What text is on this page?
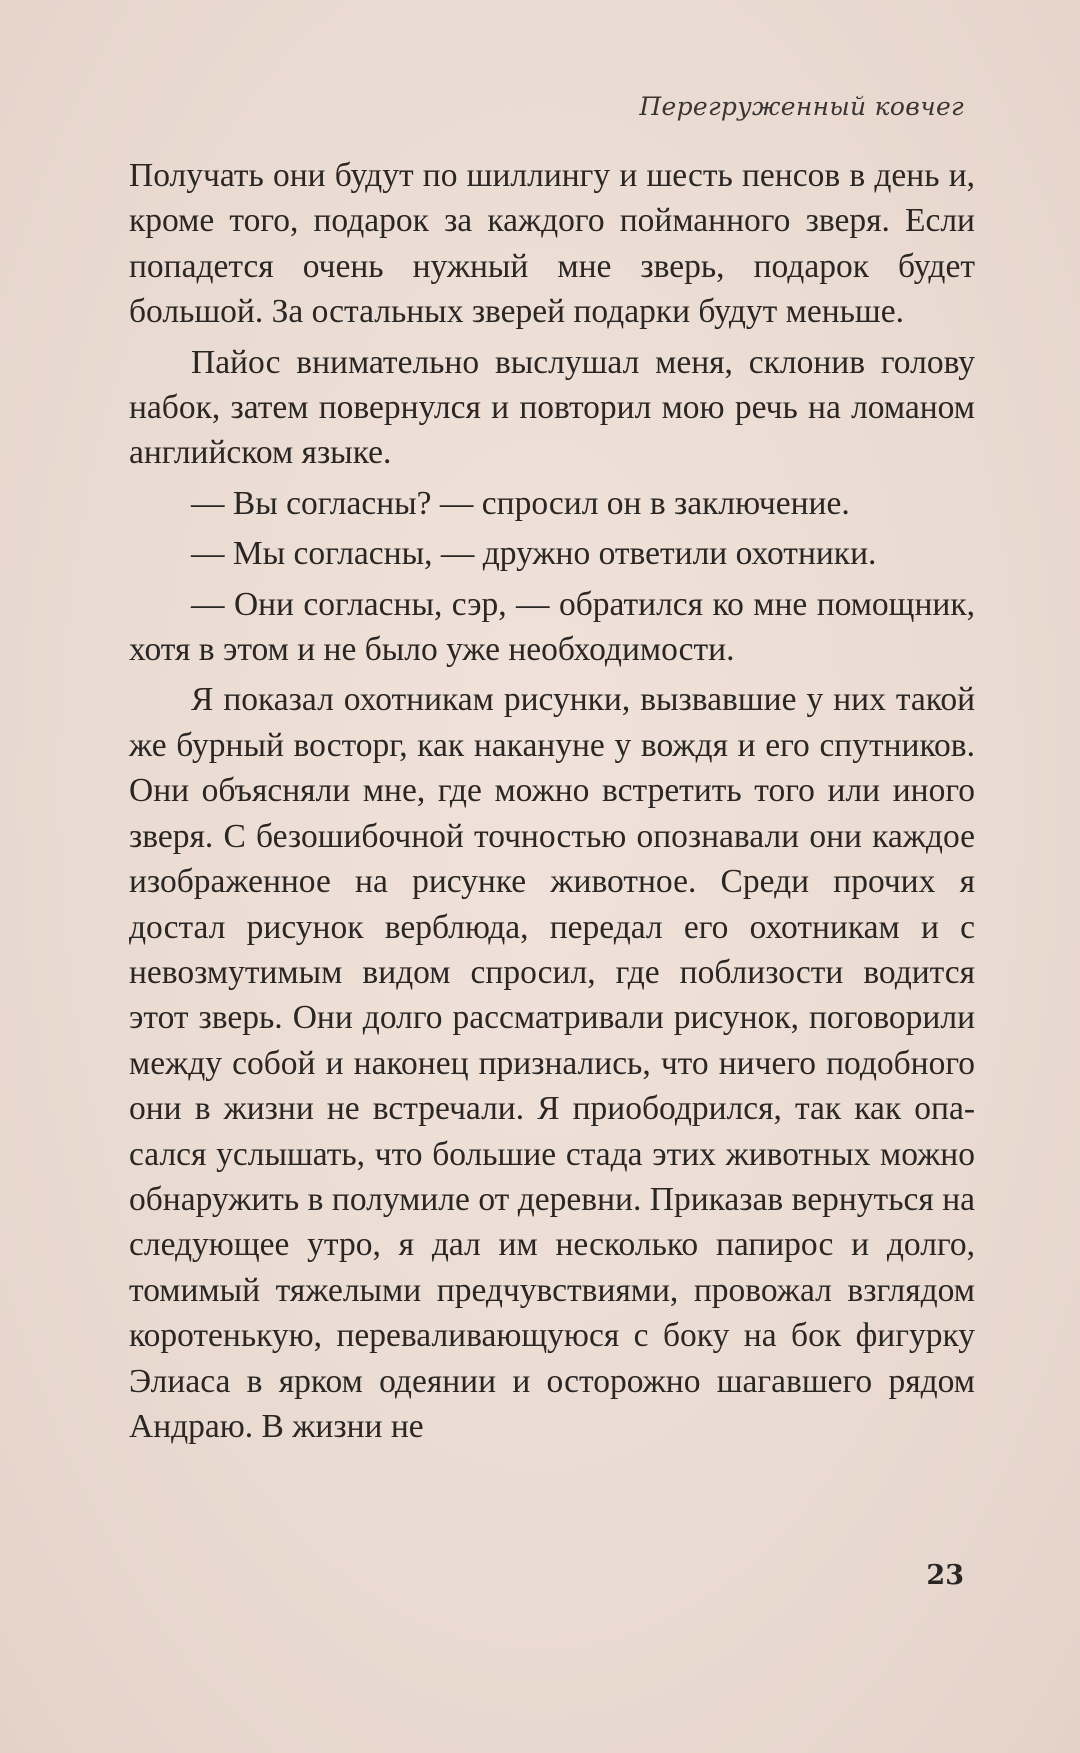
Перегруженный ковчег

Получать они будут по шиллингу и шесть пенсов в день и, кроме того, подарок за каждого пойманного зверя. Если попадется очень нужный мне зверь, подарок будет большой. За остальных зверей подарки будут меньше.

Пайос внимательно выслушал меня, склонив голову набок, затем повернулся и повторил мою речь на ломаном английском языке.

— Вы согласны? — спросил он в заключение.

— Мы согласны, — дружно ответили охотники.

— Они согласны, сэр, — обратился ко мне помощник, хотя в этом и не было уже необходимости.

Я показал охотникам рисунки, вызвавшие у них такой же бурный восторг, как накануне у вождя и его спутников. Они объясняли мне, где можно встретить того или иного зверя. С безошибочной точностью опознавали они каждое изображенное на рисунке животное. Среди прочих я достал рисунок верблюда, передал его охотникам и с невозмутимым видом спросил, где поблизости водится этот зверь. Они долго рассматривали рисунок, поговорили между собой и наконец признались, что ничего подобного они в жизни не встречали. Я приободрился, так как опасался услышать, что большие стада этих животных можно обнаружить в полумиле от деревни. Приказав вернуться на следующее утро, я дал им несколько папирос и долго, томимый тяжелыми предчувствиями, провожал взглядом коротенькую, переваливающуюся с боку на бок фигурку Элиаса в ярком одеянии и осторожно шагавшего рядом Андраю. В жизни не

23
